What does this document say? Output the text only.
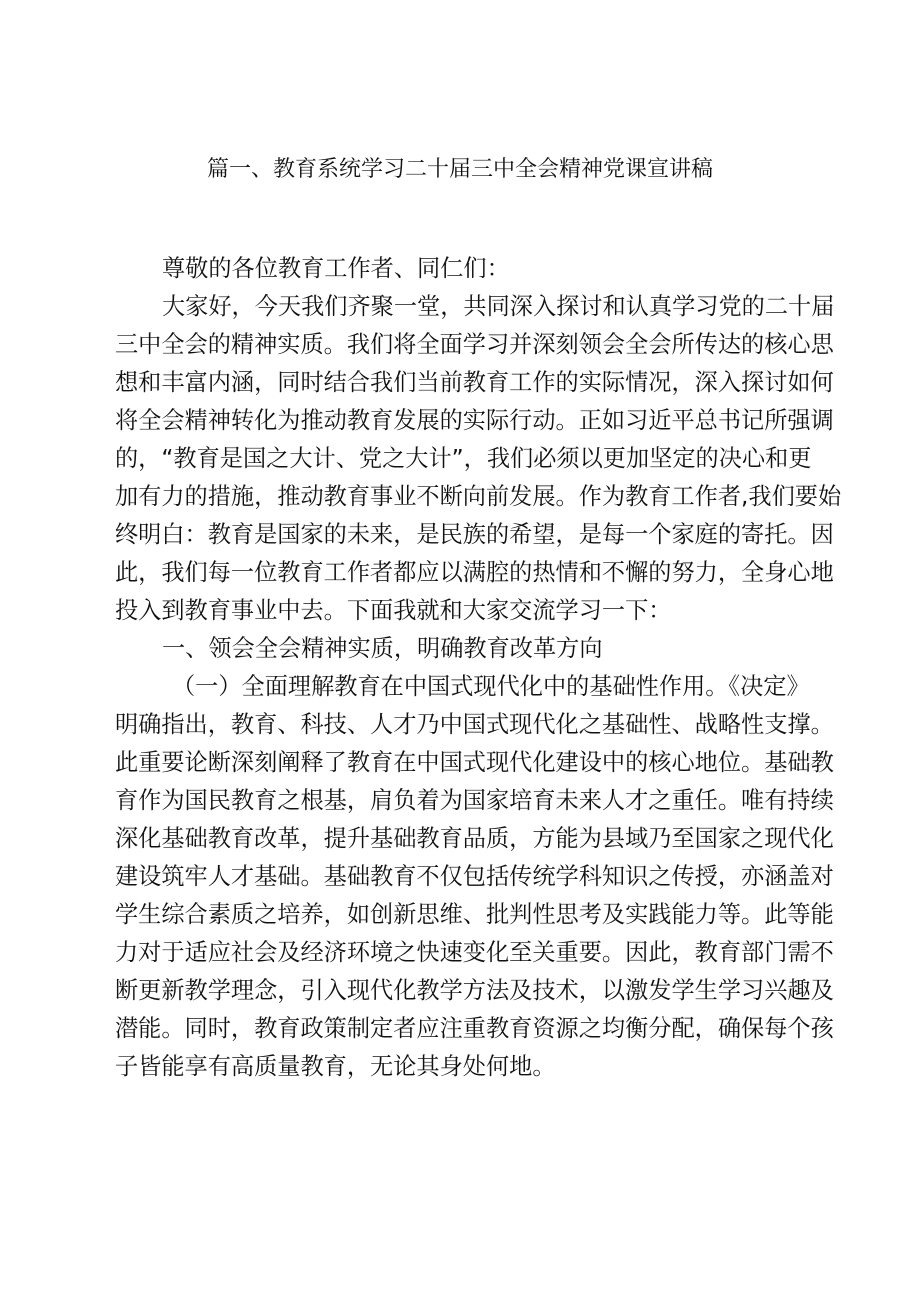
篇一、教育系统学习二十届三中全会精神党课宣讲稿
尊敬的各位教育工作者、同仁们：
大家好，今天我们齐聚一堂，共同深入探讨和认真学习党的二十届
三中全会的精神实质。我们将全面学习并深刻领会全会所传达的核心思
想和丰富内涵，同时结合我们当前教育工作的实际情况，深入探讨如何
将全会精神转化为推动教育发展的实际行动。正如习近平总书记所强调
的，“教育是国之大计、党之大计”，我们必须以更加坚定的决心和更
加有力的措施，推动教育事业不断向前发展。作为教育工作者,我们要始
终明白：教育是国家的未来，是民族的希望，是每一个家庭的寄托。因
此，我们每一位教育工作者都应以满腔的热情和不懈的努力，全身心地
投入到教育事业中去。下面我就和大家交流学习一下：
一、领会全会精神实质，明确教育改革方向
（一）全面理解教育在中国式现代化中的基础性作用。《决定》
明确指出，教育、科技、人才乃中国式现代化之基础性、战略性支撑。
此重要论断深刻阐释了教育在中国式现代化建设中的核心地位。基础教
育作为国民教育之根基，肩负着为国家培育未来人才之重任。唯有持续
深化基础教育改革，提升基础教育品质，方能为县域乃至国家之现代化
建设筑牢人才基础。基础教育不仅包括传统学科知识之传授，亦涵盖对
学生综合素质之培养，如创新思维、批判性思考及实践能力等。此等能
力对于适应社会及经济环境之快速变化至关重要。因此，教育部门需不
断更新教学理念，引入现代化教学方法及技术，以激发学生学习兴趣及
潜能。同时，教育政策制定者应注重教育资源之均衡分配，确保每个孩
子皆能享有高质量教育，无论其身处何地。
